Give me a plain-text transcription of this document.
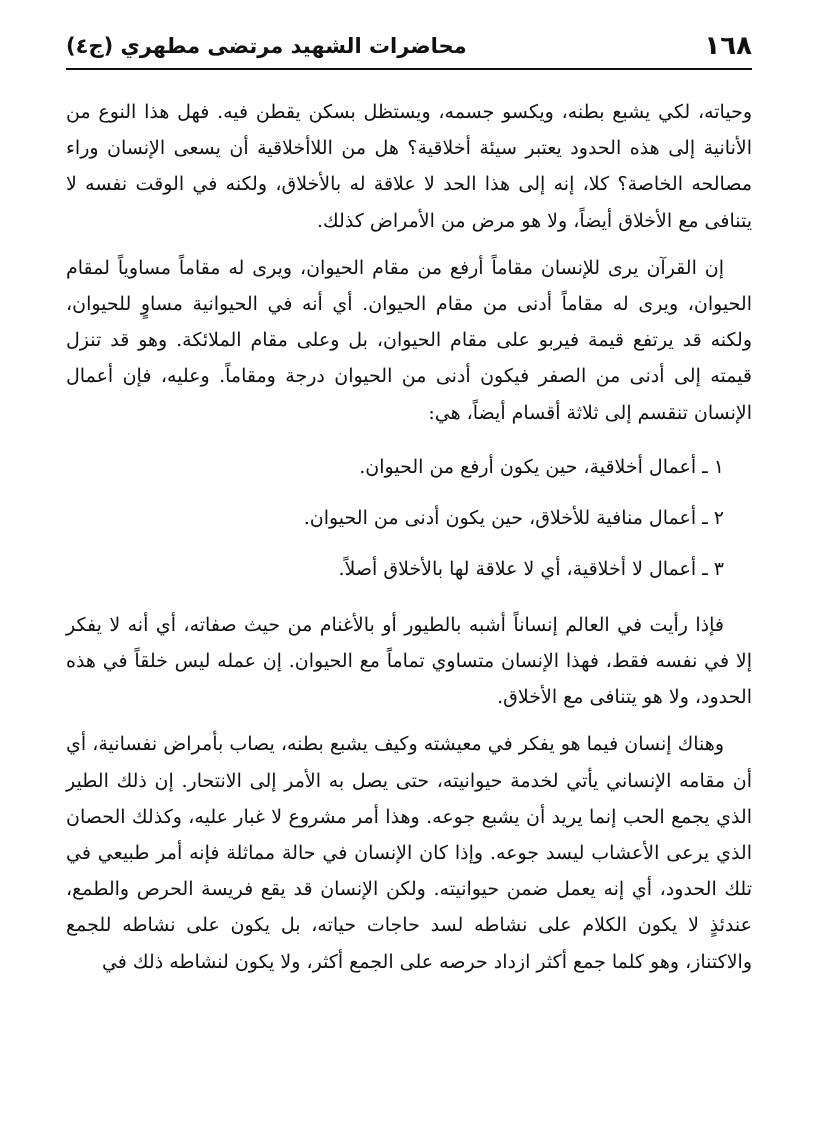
١٦٨
محاضرات الشهيد مرتضى مطهري (ج٤)

وحياته، لكي يشبع بطنه، ويكسو جسمه، ويستظل بسكن يقطن فيه. فهل هذا النوع من الأنانية إلى هذه الحدود يعتبر سيئة أخلاقية؟ هل من اللاأخلاقية أن يسعى الإنسان وراء مصالحه الخاصة؟ كلا، إنه إلى هذا الحد لا علاقة له بالأخلاق، ولكنه في الوقت نفسه لا يتنافى مع الأخلاق أيضاً، ولا هو مرض من الأمراض كذلك.

إن القرآن يرى للإنسان مقاماً أرفع من مقام الحيوان، ويرى له مقاماً مساوياً لمقام الحيوان، ويرى له مقاماً أدنى من مقام الحيوان. أي أنه في الحيوانية مساوٍ للحيوان، ولكنه قد يرتفع قيمة فيربو على مقام الحيوان، بل وعلى مقام الملائكة. وهو قد تنزل قيمته إلى أدنى من الصفر فيكون أدنى من الحيوان درجة ومقاماً. وعليه، فإن أعمال الإنسان تنقسم إلى ثلاثة أقسام أيضاً، هي:

١ ـ أعمال أخلاقية، حين يكون أرفع من الحيوان.

٢ ـ أعمال منافية للأخلاق، حين يكون أدنى من الحيوان.

٣ ـ أعمال لا أخلاقية، أي لا علاقة لها بالأخلاق أصلاً.

فإذا رأيت في العالم إنساناً أشبه بالطيور أو بالأغنام من حيث صفاته، أي أنه لا يفكر إلا في نفسه فقط، فهذا الإنسان متساوي تماماً مع الحيوان. إن عمله ليس خلقاً في هذه الحدود، ولا هو يتنافى مع الأخلاق.

وهناك إنسان فيما هو يفكر في معيشته وكيف يشبع بطنه، يصاب بأمراض نفسانية، أي أن مقامه الإنساني يأتي لخدمة حيوانيته، حتى يصل به الأمر إلى الانتحار. إن ذلك الطير الذي يجمع الحب إنما يريد أن يشبع جوعه. وهذا أمر مشروع لا غبار عليه، وكذلك الحصان الذي يرعى الأعشاب ليسد جوعه. وإذا كان الإنسان في حالة مماثلة فإنه أمر طبيعي في تلك الحدود، أي إنه يعمل ضمن حيوانيته. ولكن الإنسان قد يقع فريسة الحرص والطمع، عندئذٍ لا يكون الكلام على نشاطه لسد حاجات حياته، بل يكون على نشاطه للجمع والاكتناز، وهو كلما جمع أكثر ازداد حرصه على الجمع أكثر، ولا يكون لنشاطه ذلك في
